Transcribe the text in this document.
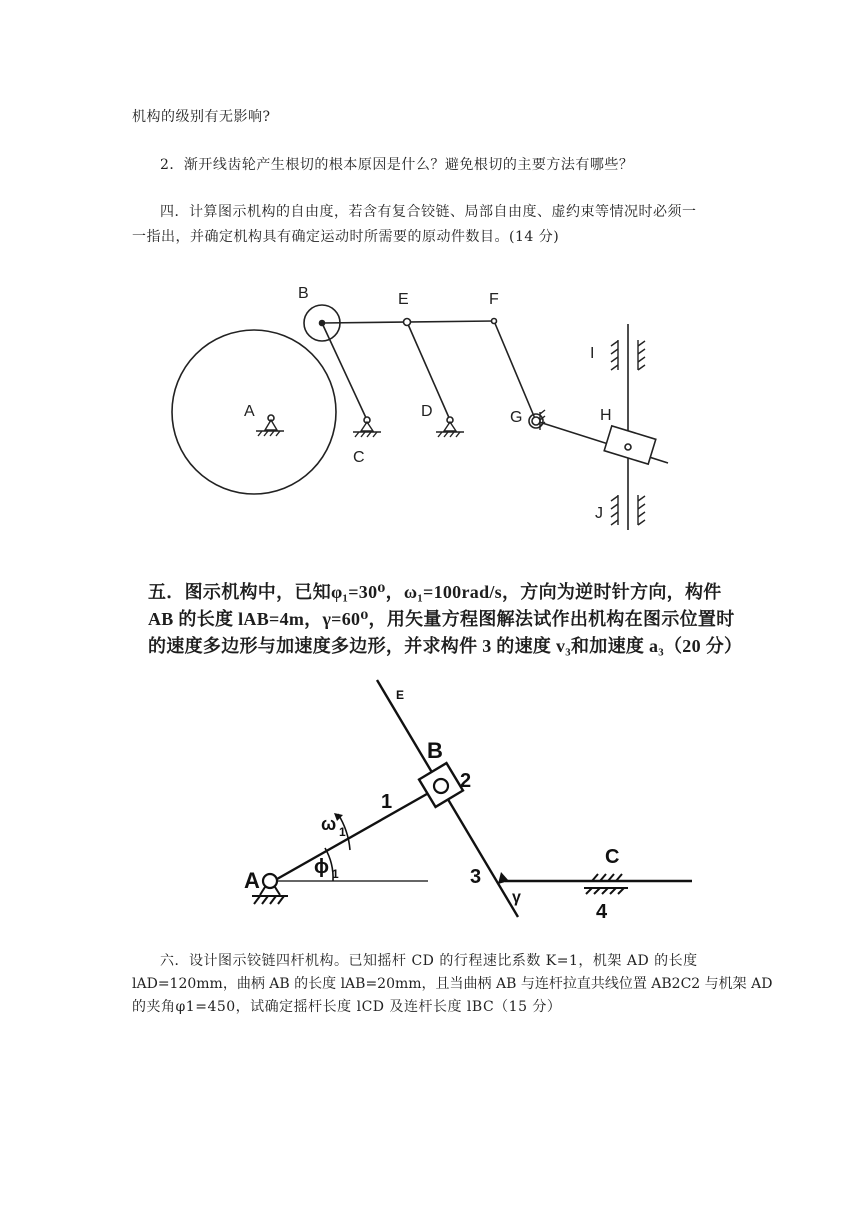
机构的级别有无影响?
2．渐开线齿轮产生根切的根本原因是什么？避免根切的主要方法有哪些？
四．计算图示机构的自由度，若含有复合铰链、局部自由度、虚约束等情况时必须一
一指出，并确定机构具有确定运动时所需要的原动件数目。(14 分)
A
B
C
D
E	F
G	H
I
J
五．图示机构中，已知φ₁=30⁰，ω₁=100rad/s，方向为逆时针方向，构件
AB 的长度 lAB=4m，γ=60⁰，用矢量方程图解法试作出机构在图示位置时
的速度多边形与加速度多边形，并求构件 3 的速度 v₃和加速度 a₃（20 分）
E
B
2
1
ω 1
A
ϕ 1	3
γ
C
4
六．设计图示铰链四杆机构。已知摇杆 CD 的行程速比系数 K=1，机架 AD 的长度
lAD=120mm，曲柄 AB 的长度 lAB=20mm，且当曲柄 AB 与连杆拉直共线位置 AB2C2 与机架 AD
的夹角φ1=450，试确定摇杆长度 lCD 及连杆长度 lBC（15 分）
